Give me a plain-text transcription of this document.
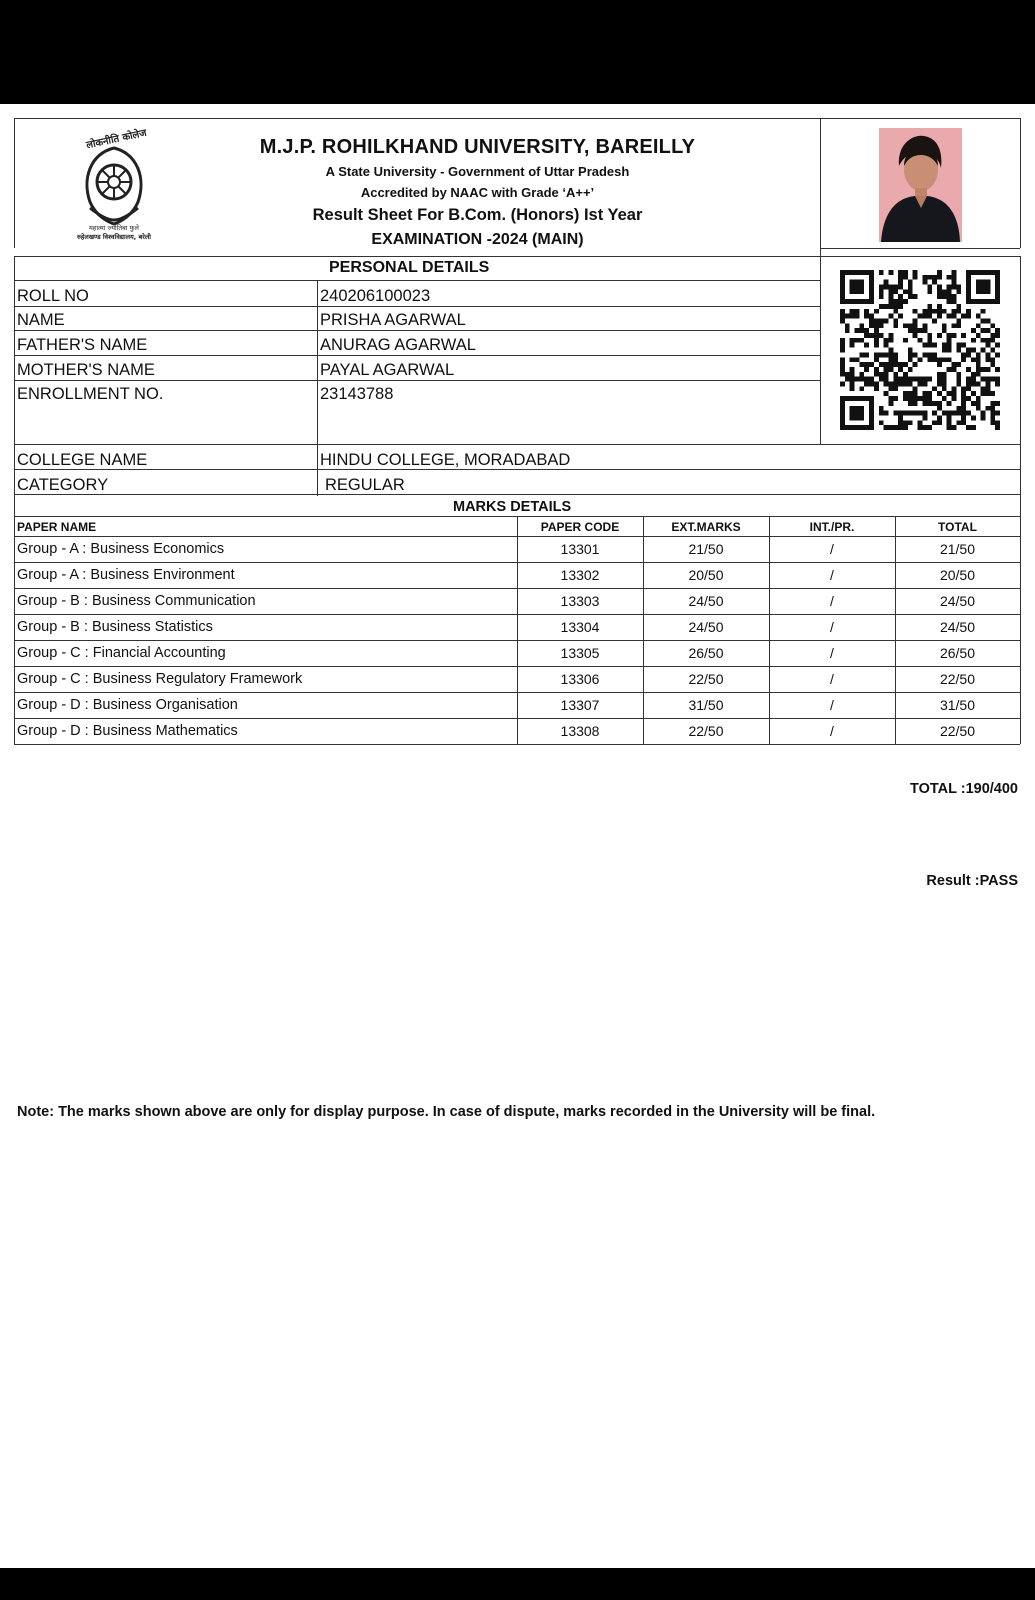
लोकनीति कोलेज
महात्मा ज्योतिबा फुले
रुहेलखण्ड विश्वविद्यालय, बरेली
M.J.P. ROHILKHAND UNIVERSITY, BAREILLY
A State University - Government of Uttar Pradesh
Accredited by NAAC with Grade ‘A++’
Result Sheet For B.Com. (Honors) Ist Year
EXAMINATION -2024 (MAIN)
PERSONAL DETAILS
ROLL NO	240206100023
NAME	PRISHA AGARWAL
FATHER'S NAME	ANURAG AGARWAL
MOTHER'S NAME	PAYAL AGARWAL
ENROLLMENT NO.	23143788
COLLEGE NAME	HINDU COLLEGE, MORADABAD
CATEGORY	REGULAR
MARKS DETAILS
PAPER NAME	PAPER CODE	EXT.MARKS	INT./PR.	TOTAL
Group - A : Business Economics	13301	21/50	/	21/50
Group - A : Business Environment	13302	20/50	/	20/50
Group - B : Business Communication	13303	24/50	/	24/50
Group - B : Business Statistics	13304	24/50	/	24/50
Group - C : Financial Accounting	13305	26/50	/	26/50
Group - C : Business Regulatory Framework	13306	22/50	/	22/50
Group - D : Business Organisation	13307	31/50	/	31/50
Group - D : Business Mathematics	13308	22/50	/	22/50
TOTAL :190/400
Result :PASS
Note: The marks shown above are only for display purpose. In case of dispute, marks recorded in the University will be final.
